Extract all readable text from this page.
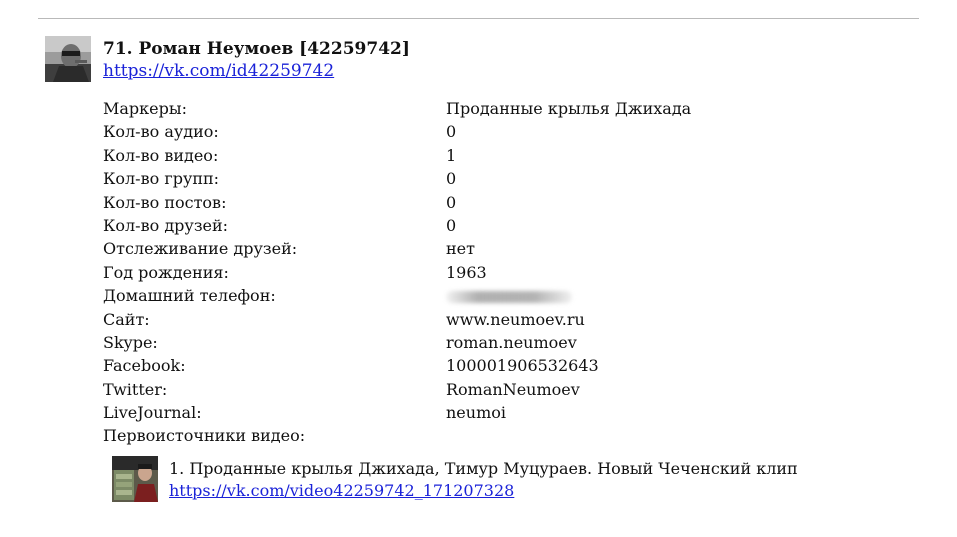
71. Роман Неумоев [42259742]
https://vk.com/id42259742
Маркеры:	Проданные крылья Джихада
Кол-во аудио:	0
Кол-во видео:	1
Кол-во групп:	0
Кол-во постов:	0
Кол-во друзей:	0
Отслеживание друзей:	нет
Год рождения:	1963
Домашний телефон:
Сайт:	www.neumoev.ru
Skype:	roman.neumoev
Facebook:	100001906532643
Twitter:	RomanNeumoev
LiveJournal:	neumoi
Первоисточники видео:
1. Проданные крылья Джихада, Тимур Муцураев. Новый Чеченский клип
https://vk.com/video42259742_171207328
